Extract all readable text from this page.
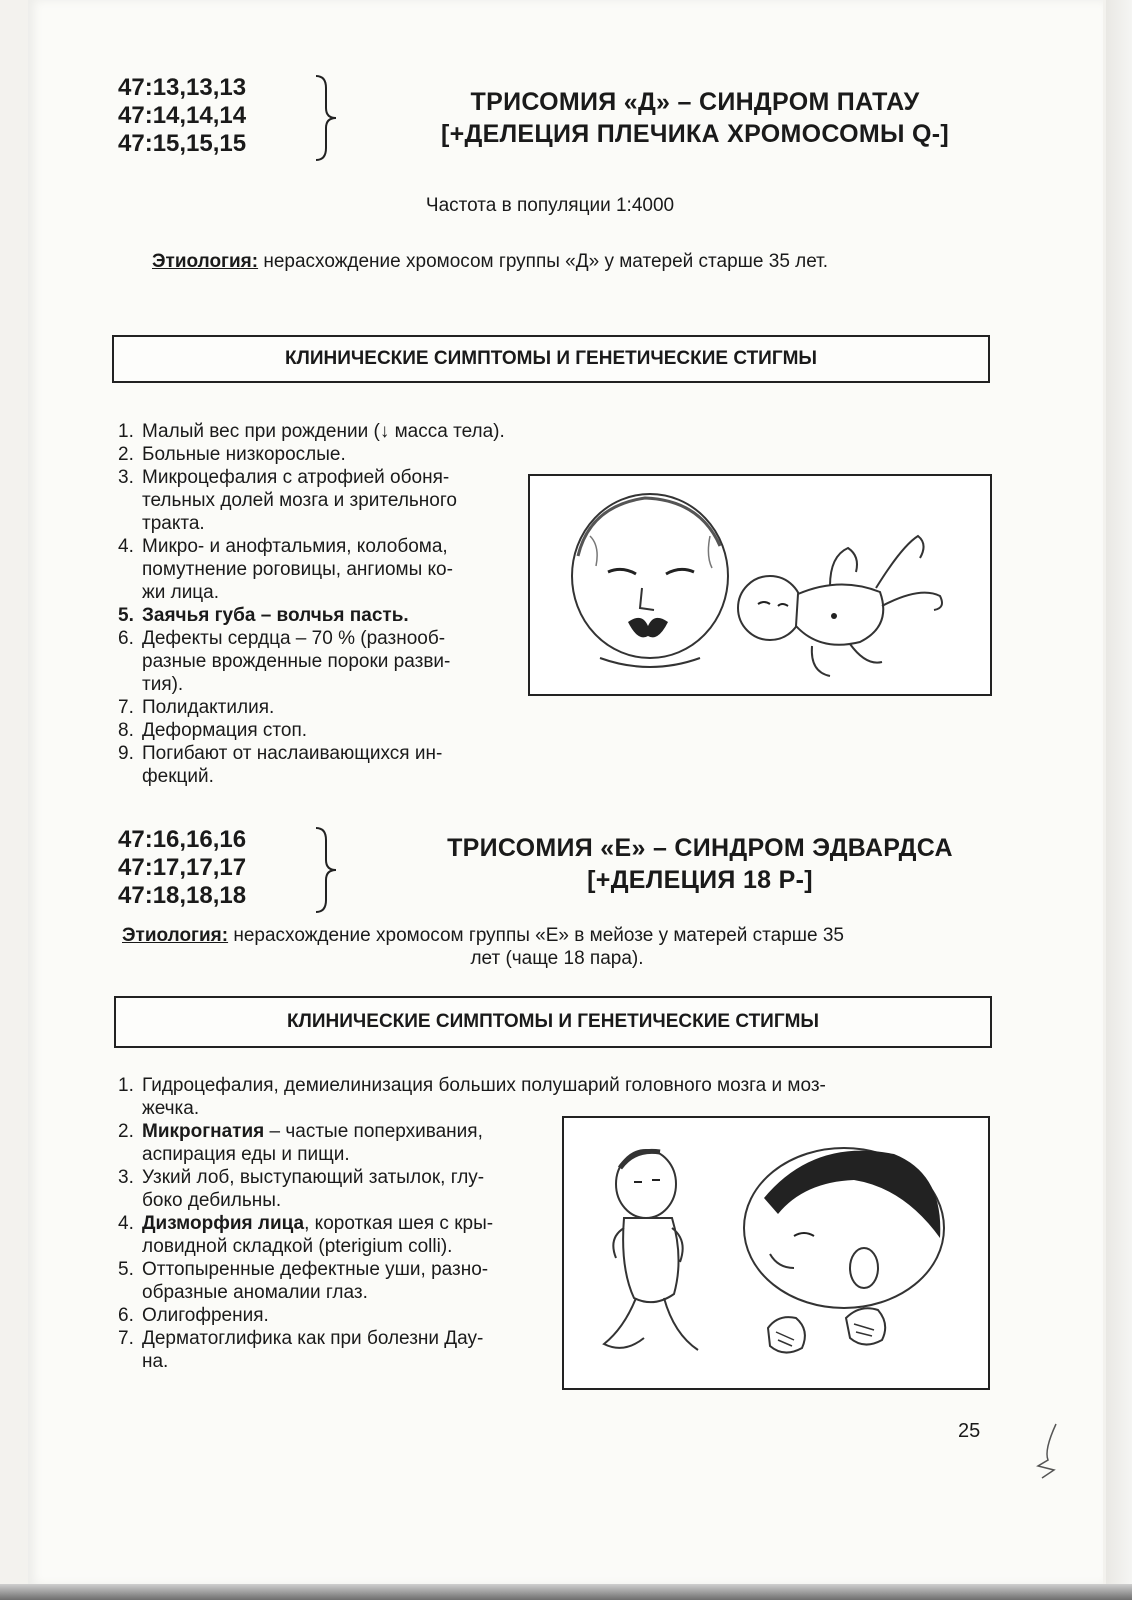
47:13,13,13
47:14,14,14
47:15,15,15
ТРИСОМИЯ «Д» – СИНДРОМ ПАТАУ
[+ДЕЛЕЦИЯ ПЛЕЧИКА ХРОМОСОМЫ Q-]
Частота в популяции 1:4000
Этиология: нерасхождение хромосом группы «Д» у матерей старше 35 лет.
КЛИНИЧЕСКИЕ СИМПТОМЫ И ГЕНЕТИЧЕСКИЕ СТИГМЫ
1. Малый вес при рождении (↓ масса тела).
2. Больные низкорослые.
3. Микроцефалия с атрофией обоня-
тельных долей мозга и зрительного
тракта.
4. Микро- и анофтальмия, колобома,
помутнение роговицы, ангиомы ко-
жи лица.
5. Заячья губа – волчья пасть.
6. Дефекты сердца – 70 % (разнооб-
разные врожденные пороки разви-
тия).
7. Полидактилия.
8. Деформация стоп.
9. Погибают от наслаивающихся ин-
фекций.
47:16,16,16
47:17,17,17
47:18,18,18
ТРИСОМИЯ «Е» – СИНДРОМ ЭДВАРДСА
[+ДЕЛЕЦИЯ 18 Р-]
Этиология: нерасхождение хромосом группы «Е» в мейозе у матерей старше 35
лет (чаще 18 пара).
КЛИНИЧЕСКИЕ СИМПТОМЫ И ГЕНЕТИЧЕСКИЕ СТИГМЫ
1. Гидроцефалия, демиелинизация больших полушарий головного мозга и моз-
жечка.
2. Микрогнатия – частые поперхивания,
аспирация еды и пищи.
3. Узкий лоб, выступающий затылок, глу-
боко дебильны.
4. Дизморфия лица, короткая шея с кры-
ловидной складкой (pterigium colli).
5. Оттопыренные дефектные уши, разно-
образные аномалии глаз.
6. Олигофрения.
7. Дерматоглифика как при болезни Дау-
на.
25
